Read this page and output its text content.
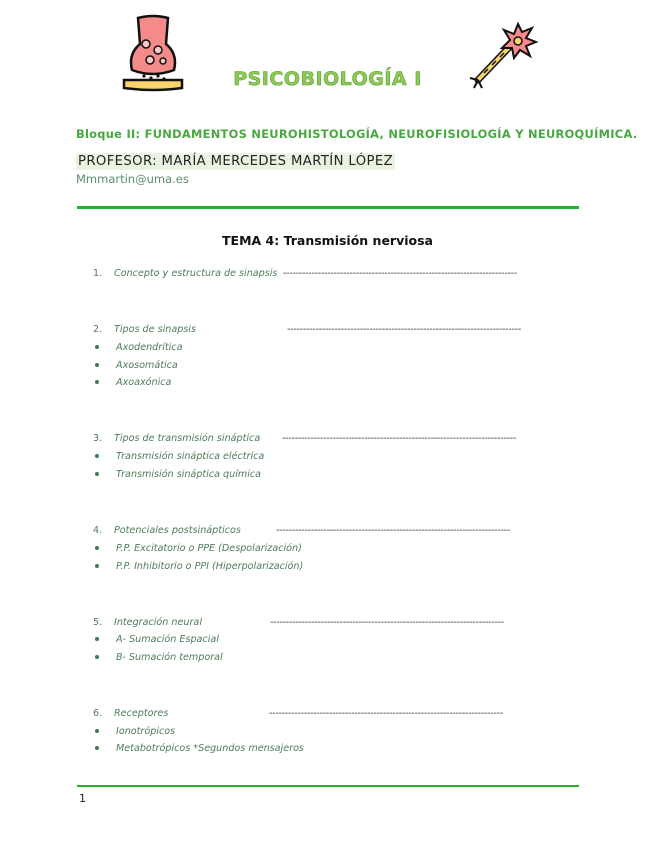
PSICOBIOLOGÍA I
Bloque II: FUNDAMENTOS NEUROHISTOLOGÍA, NEUROFISIOLOGÍA Y NEUROQUÍMICA.
PROFESOR: MARÍA MERCEDES MARTÍN LÓPEZ
Mmmartin@uma.es
TEMA 4: Transmisión nerviosa
1. Concepto y estructura de sinapsis --------------------------------------------------------------------------
2. Tipos de sinapsis	--------------------------------------------------------------------------
Axodendrítica
Axosomática
Axoaxónica
3. Tipos de transmisión sináptica --------------------------------------------------------------------------
Transmisión sináptica eléctrica
Transmisión sináptica química
4. Potenciales postsinápticos	--------------------------------------------------------------------------
P.P. Excitatorio o PPE (Despolarización)
P.P. Inhibitorio o PPI (Hiperpolarización)
5. Integración neural	--------------------------------------------------------------------------
A- Sumación Espacial
B- Sumación temporal
6. Receptores	--------------------------------------------------------------------------
Ionotrópicos
Metabotrópicos *Segundos mensajeros
1
